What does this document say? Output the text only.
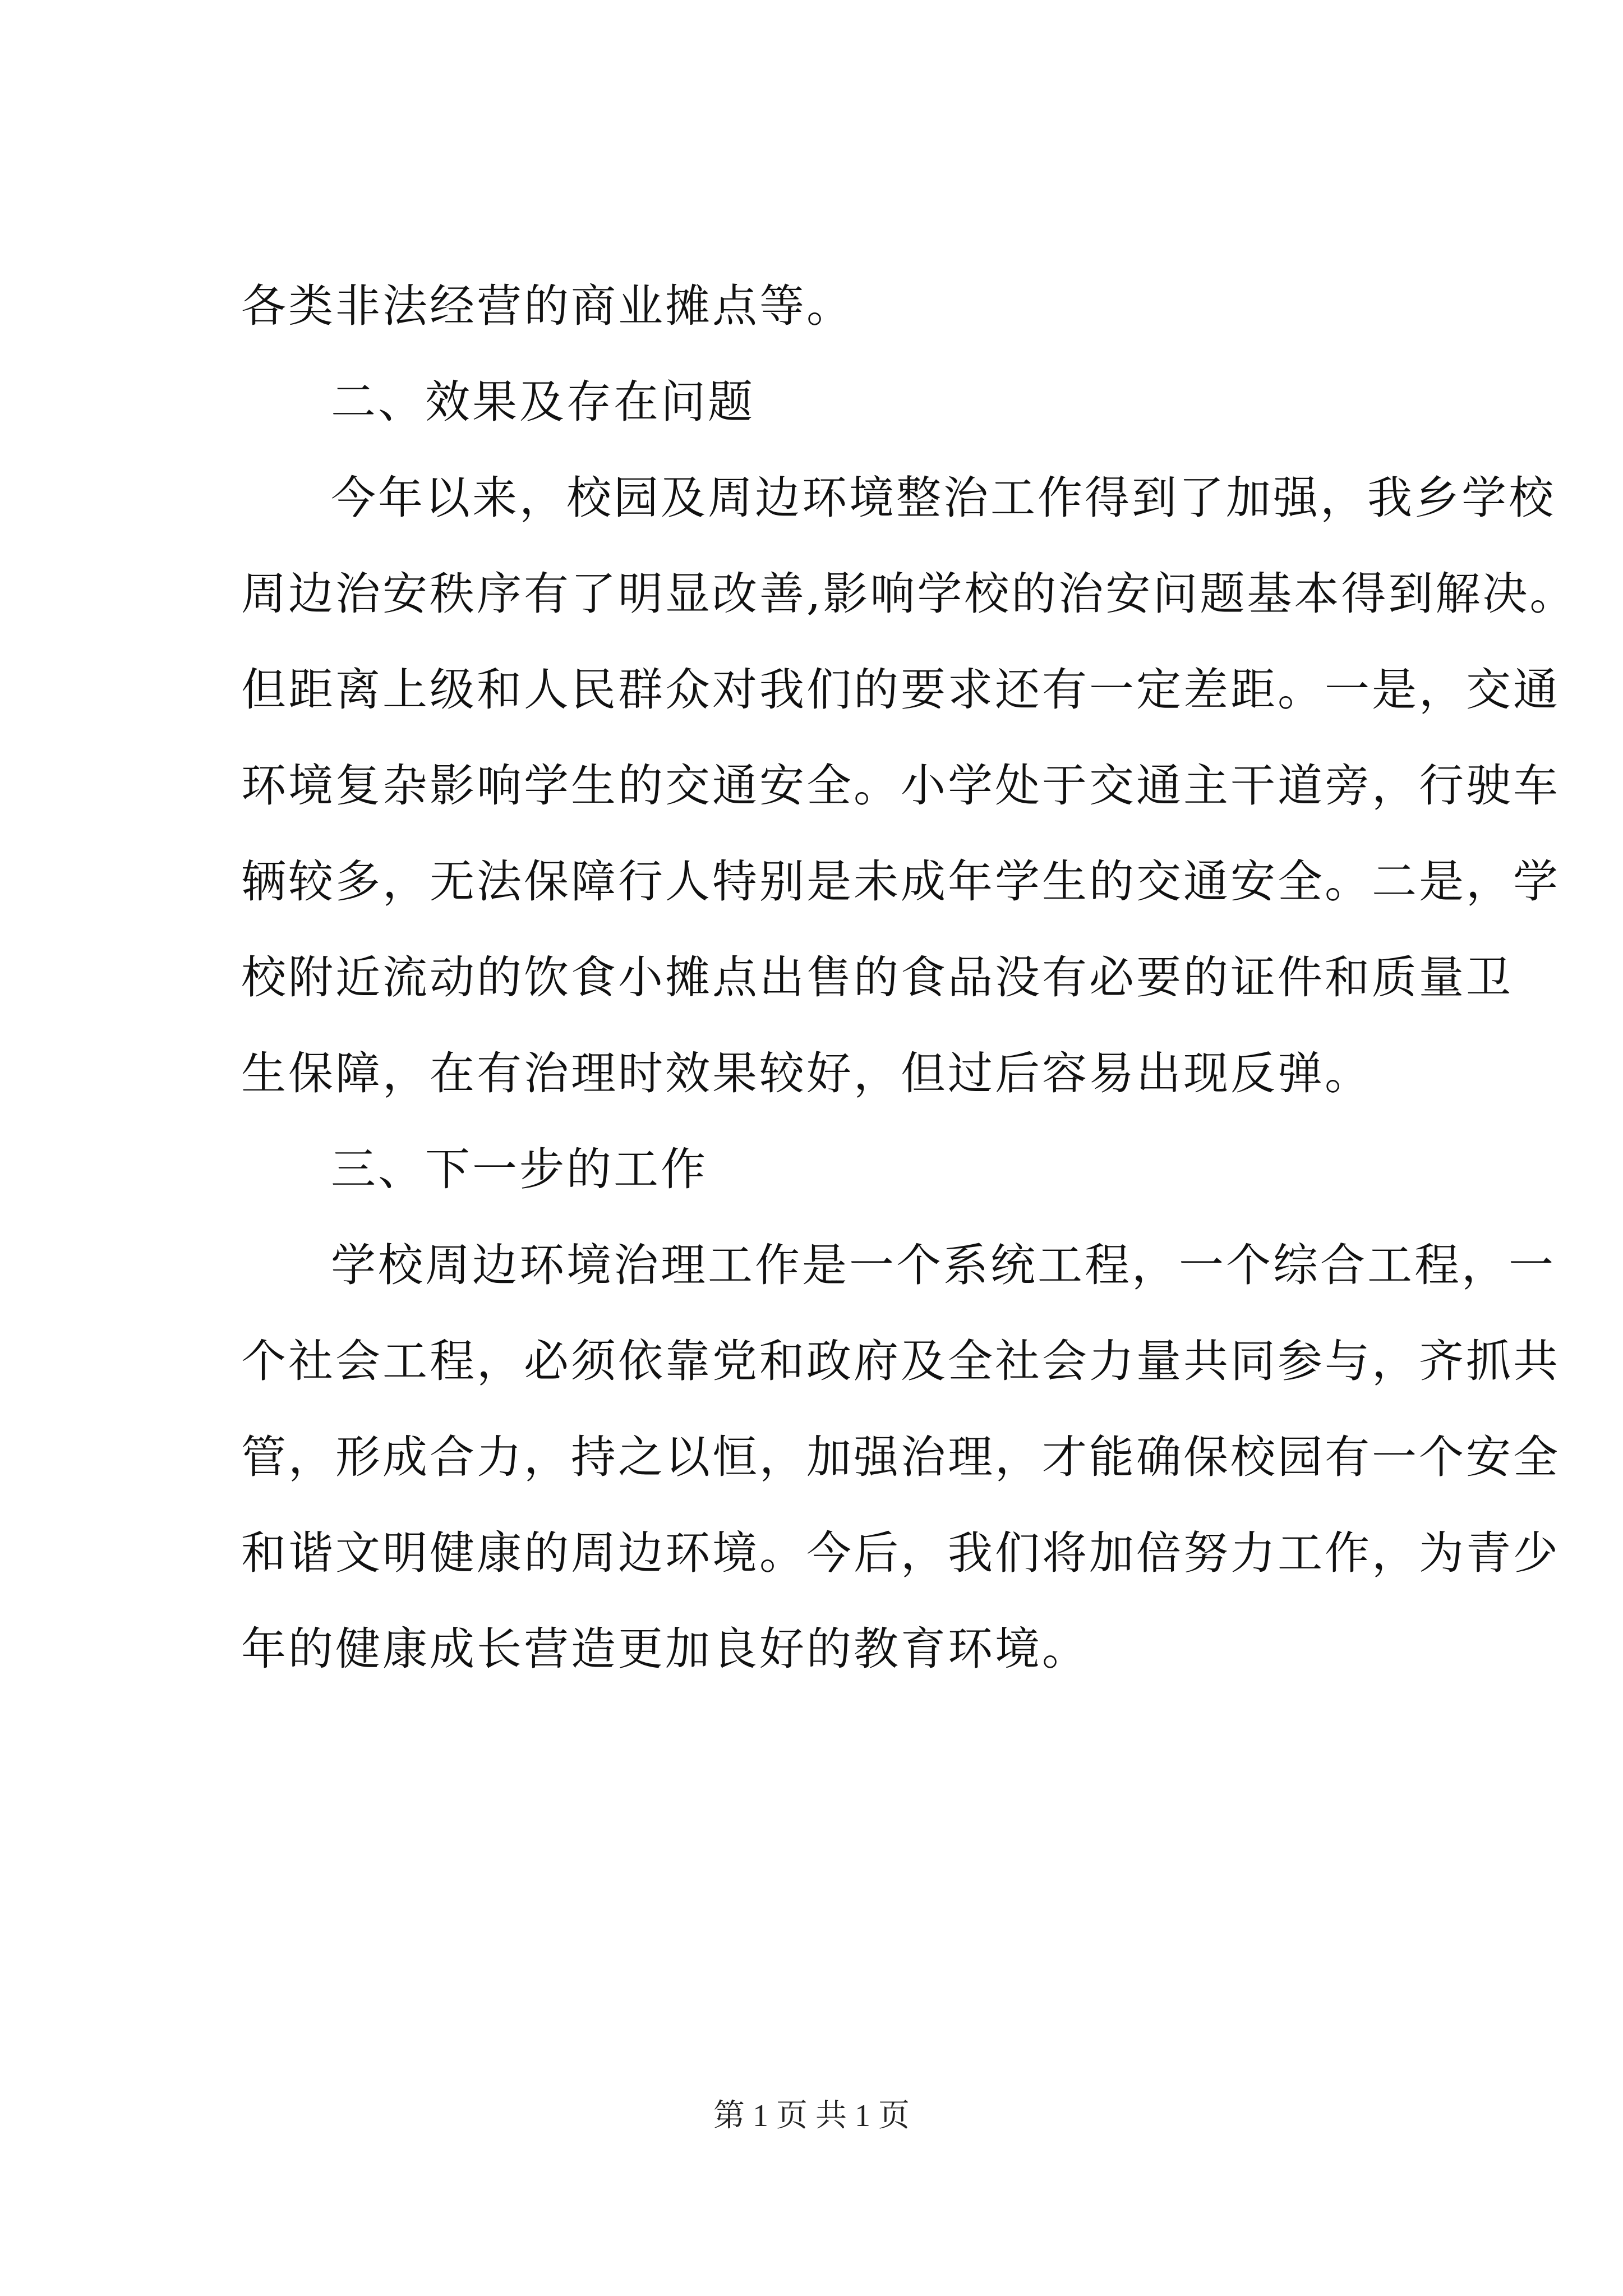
各类非法经营的商业摊点等。
二、效果及存在问题
今年以来，校园及周边环境整治工作得到了加强，我乡学校
周边治安秩序有了明显改善,影响学校的治安问题基本得到解决。
但距离上级和人民群众对我们的要求还有一定差距。一是，交通
环境复杂影响学生的交通安全。小学处于交通主干道旁，行驶车
辆较多，无法保障行人特别是未成年学生的交通安全。二是，学
校附近流动的饮食小摊点出售的食品没有必要的证件和质量卫
生保障，在有治理时效果较好，但过后容易出现反弹。
三、下一步的工作
学校周边环境治理工作是一个系统工程，一个综合工程，一
个社会工程，必须依靠党和政府及全社会力量共同参与，齐抓共
管，形成合力，持之以恒，加强治理，才能确保校园有一个安全
和谐文明健康的周边环境。今后，我们将加倍努力工作，为青少
年的健康成长营造更加良好的教育环境。
第 1 页 共 1 页
